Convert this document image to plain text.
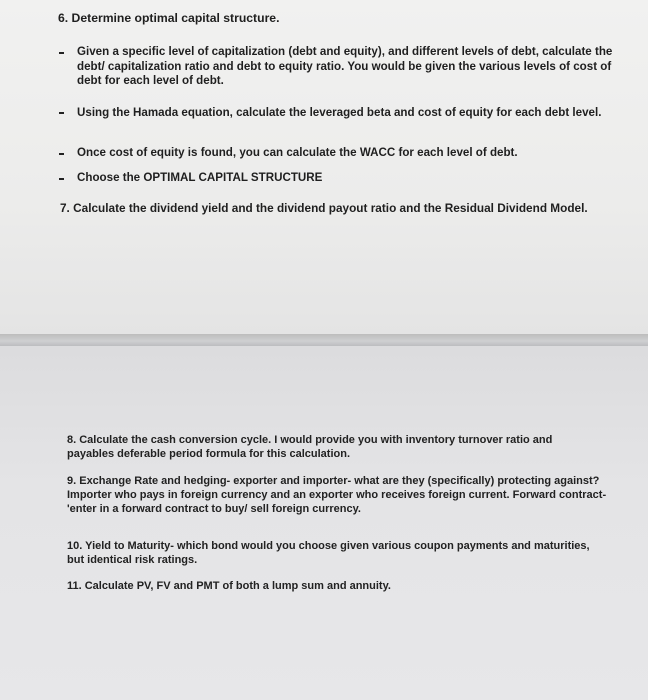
6. Determine optimal capital structure.

Given a specific level of capitalization (debt and equity), and different levels of debt, calculate the debt/ capitalization ratio and debt to equity ratio. You would be given the various levels of cost of debt for each level of debt.

Using the Hamada equation, calculate the leveraged beta and cost of equity for each debt level.

Once cost of equity is found, you can calculate the WACC for each level of debt.

Choose the OPTIMAL CAPITAL STRUCTURE

7. Calculate the dividend yield and the dividend payout ratio and the Residual Dividend Model.

8. Calculate the cash conversion cycle. I would provide you with inventory turnover ratio and payables deferable period formula for this calculation.

9. Exchange Rate and hedging- exporter and importer- what are they (specifically) protecting against? Importer who pays in foreign currency and an exporter who receives foreign current. Forward contract- 'enter in a forward contract to buy/ sell foreign currency.

10. Yield to Maturity- which bond would you choose given various coupon payments and maturities, but identical risk ratings.

11. Calculate PV, FV and PMT of both a lump sum and annuity.
